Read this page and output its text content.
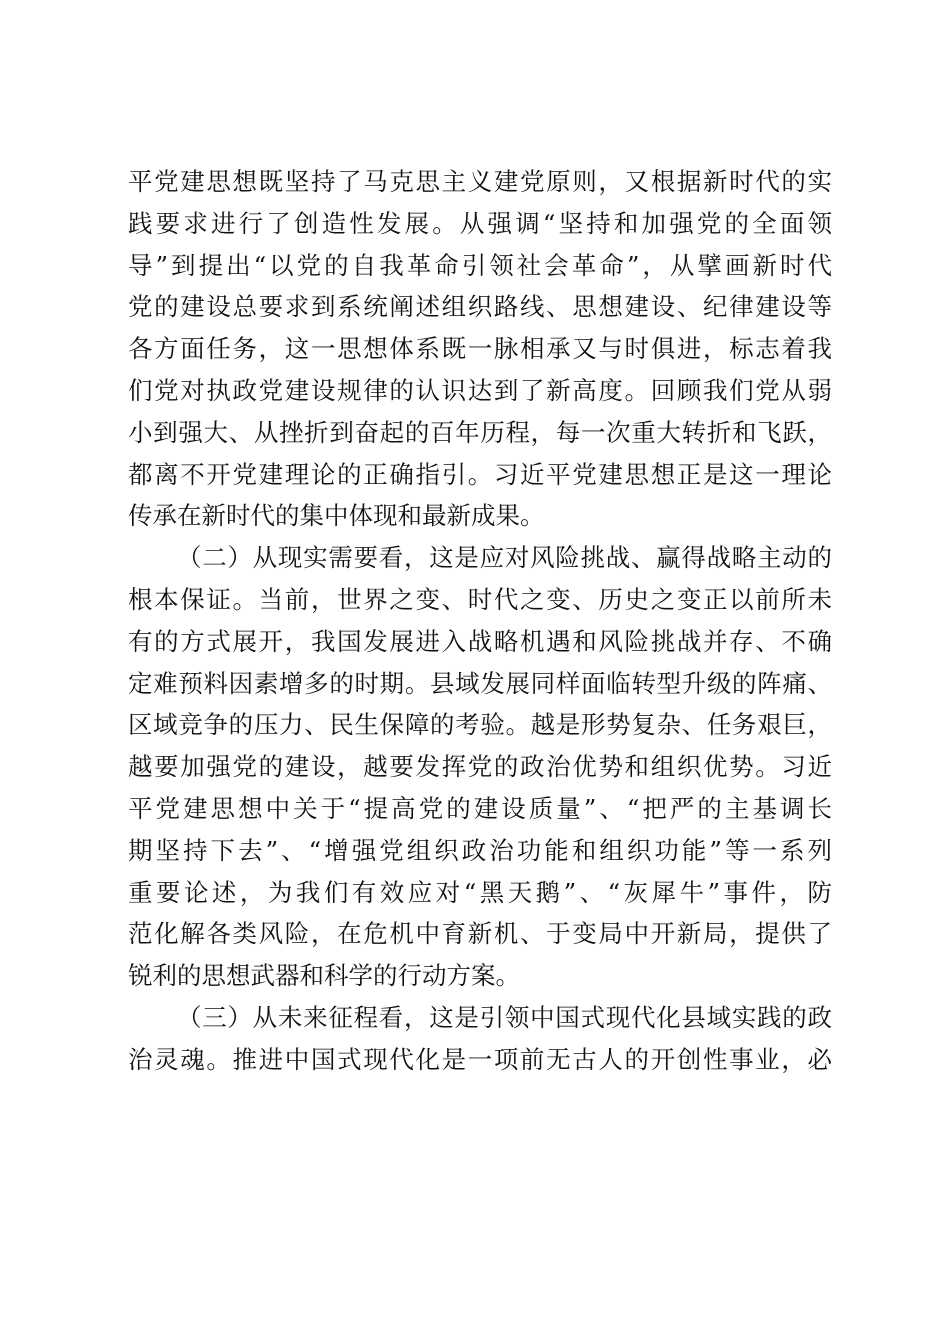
平党建思想既坚持了马克思主义建党原则，又根据新时代的实
践要求进行了创造性发展。从强调“坚持和加强党的全面领
导”到提出“以党的自我革命引领社会革命”，从擘画新时代
党的建设总要求到系统阐述组织路线、思想建设、纪律建设等
各方面任务，这一思想体系既一脉相承又与时俱进，标志着我
们党对执政党建设规律的认识达到了新高度。回顾我们党从弱
小到强大、从挫折到奋起的百年历程，每一次重大转折和飞跃，
都离不开党建理论的正确指引。习近平党建思想正是这一理论
传承在新时代的集中体现和最新成果。
（二）从现实需要看，这是应对风险挑战、赢得战略主动的
根本保证。当前，世界之变、时代之变、历史之变正以前所未
有的方式展开，我国发展进入战略机遇和风险挑战并存、不确
定难预料因素增多的时期。县域发展同样面临转型升级的阵痛、
区域竞争的压力、民生保障的考验。越是形势复杂、任务艰巨，
越要加强党的建设，越要发挥党的政治优势和组织优势。习近
平党建思想中关于“提高党的建设质量”、“把严的主基调长
期坚持下去”、“增强党组织政治功能和组织功能”等一系列
重要论述，为我们有效应对“黑天鹅”、“灰犀牛”事件，防
范化解各类风险，在危机中育新机、于变局中开新局，提供了
锐利的思想武器和科学的行动方案。
（三）从未来征程看，这是引领中国式现代化县域实践的政
治灵魂。推进中国式现代化是一项前无古人的开创性事业，必
